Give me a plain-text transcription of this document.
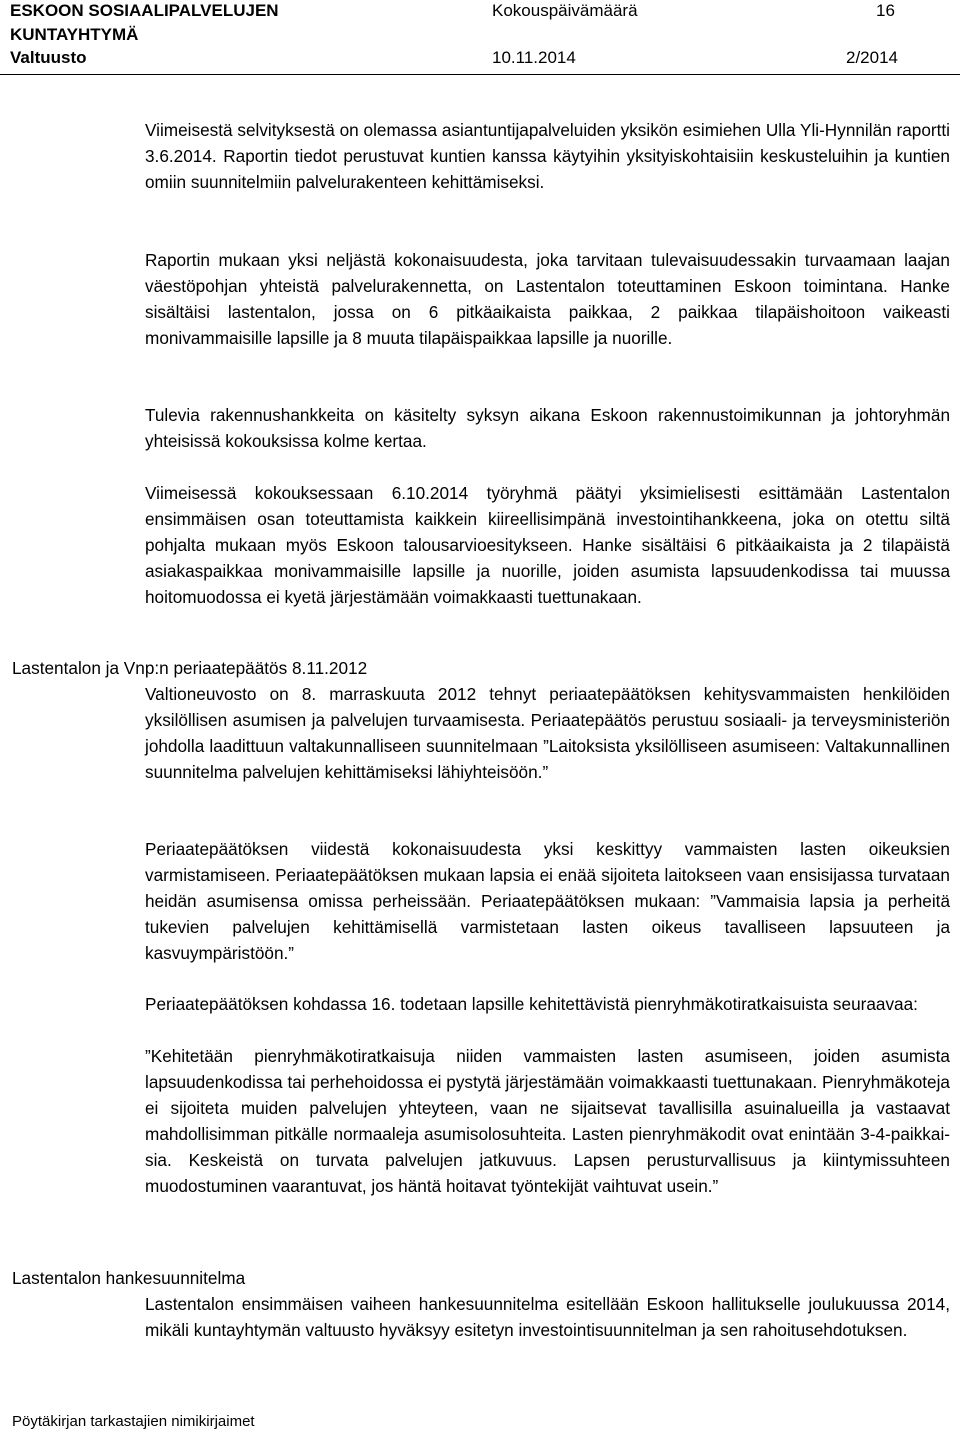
ESKOON SOSIAALIPALVELUJEN
KUNTAYHTYMÄ
Valtuusto
Kokouspäivämäärä
10.11.2014
16
2/2014

Viimeisestä selvityksestä on olemassa asiantuntijapalveluiden yksikön esimiehen Ulla Yli-Hynnilän raportti 3.6.2014. Raportin tiedot perustuvat kuntien kanssa käytyihin yksityiskohtaisiin keskusteluihin ja kuntien omiin suunnitelmiin palvelurakenteen kehittämiseksi.

Raportin mukaan yksi neljästä kokonaisuudesta, joka tarvitaan tulevaisuudessakin turvaamaan laajan väestöpohjan yhteistä palvelurakennetta, on Lastentalon toteuttaminen Eskoon toimintana. Hanke sisältäisi lastentalon, jossa on 6 pitkäaikaista paikkaa, 2 paikkaa tilapäishoitoon vaikeasti monivammaisille lapsille ja 8 muuta tilapäispaikkaa lapsille ja nuorille.

Tulevia rakennushankkeita on käsitelty syksyn aikana Eskoon rakennustoimikunnan ja johtoryhmän yhteisissä kokouksissa kolme kertaa.

Viimeisessä kokouksessaan 6.10.2014 työryhmä päätyi yksimielisesti esittämään Lastentalon ensimmäisen osan toteuttamista kaikkein kiireellisimpänä investointihankkeena, joka on otettu siltä pohjalta mukaan myös Eskoon talousarvioesitykseen. Hanke sisältäisi 6 pitkäaikaista ja 2 tilapäistä asiakaspaikkaa monivammaisille lapsille ja nuorille, joiden asumista lapsuudenkodissa tai muussa hoitomuodossa ei kyetä järjestämään voimakkaasti tuettunakaan.

Lastentalon ja Vnp:n periaatepäätös 8.11.2012

Valtioneuvosto on 8. marraskuuta 2012 tehnyt periaatepäätöksen kehitysvammaisten henkilöiden yksilöllisen asumisen ja palvelujen turvaamisesta. Periaatepäätös perustuu sosiaali- ja terveysministeriön johdolla laadittuun valtakunnalliseen suunnitelmaan ”Laitoksista yksilölliseen asumiseen: Valtakunnallinen suunnitelma palvelujen kehittämiseksi lähiyhteisöön.”

Periaatepäätöksen viidestä kokonaisuudesta yksi keskittyy vammaisten lasten oikeuksien varmistamiseen. Periaatepäätöksen mukaan lapsia ei enää sijoiteta laitokseen vaan ensisijassa turvataan heidän asumisensa omissa perheissään. Periaatepäätöksen mukaan: ”Vammaisia lapsia ja perheitä tukevien palvelujen kehittämisellä varmistetaan lasten oikeus tavalliseen lapsuuteen ja kasvuympäristöön.”

Periaatepäätöksen kohdassa 16. todetaan lapsille kehitettävistä pienryhmäkotiratkaisuista seuraavaa:

”Kehitetään pienryhmäkotiratkaisuja niiden vammaisten lasten asumiseen, joiden asumista lapsuudenkodissa tai perhehoidossa ei pystytä järjestämään voimakkaasti tuettunakaan. Pienryhmäkoteja ei sijoiteta muiden palvelujen yhteyteen, vaan ne sijaitsevat tavallisilla asuinalueilla ja vastaavat mahdollisimman pitkälle normaaleja asumisolosuhteita. Lasten pienryhmäkodit ovat enintään 3-4-paikkaisia. Keskeistä on turvata palvelujen jatkuvuus. Lapsen perusturvallisuus ja kiintymissuhteen muodostuminen vaarantuvat, jos häntä hoitavat työntekijät vaihtuvat usein.”

Lastentalon hankesuunnitelma

Lastentalon ensimmäisen vaiheen hankesuunnitelma esitellään Eskoon hallitukselle joulukuussa 2014, mikäli kuntayhtymän valtuusto hyväksyy esitetyn investointisuunnitelman ja sen rahoitusehdotuksen.

Pöytäkirjan tarkastajien nimikirjaimet
